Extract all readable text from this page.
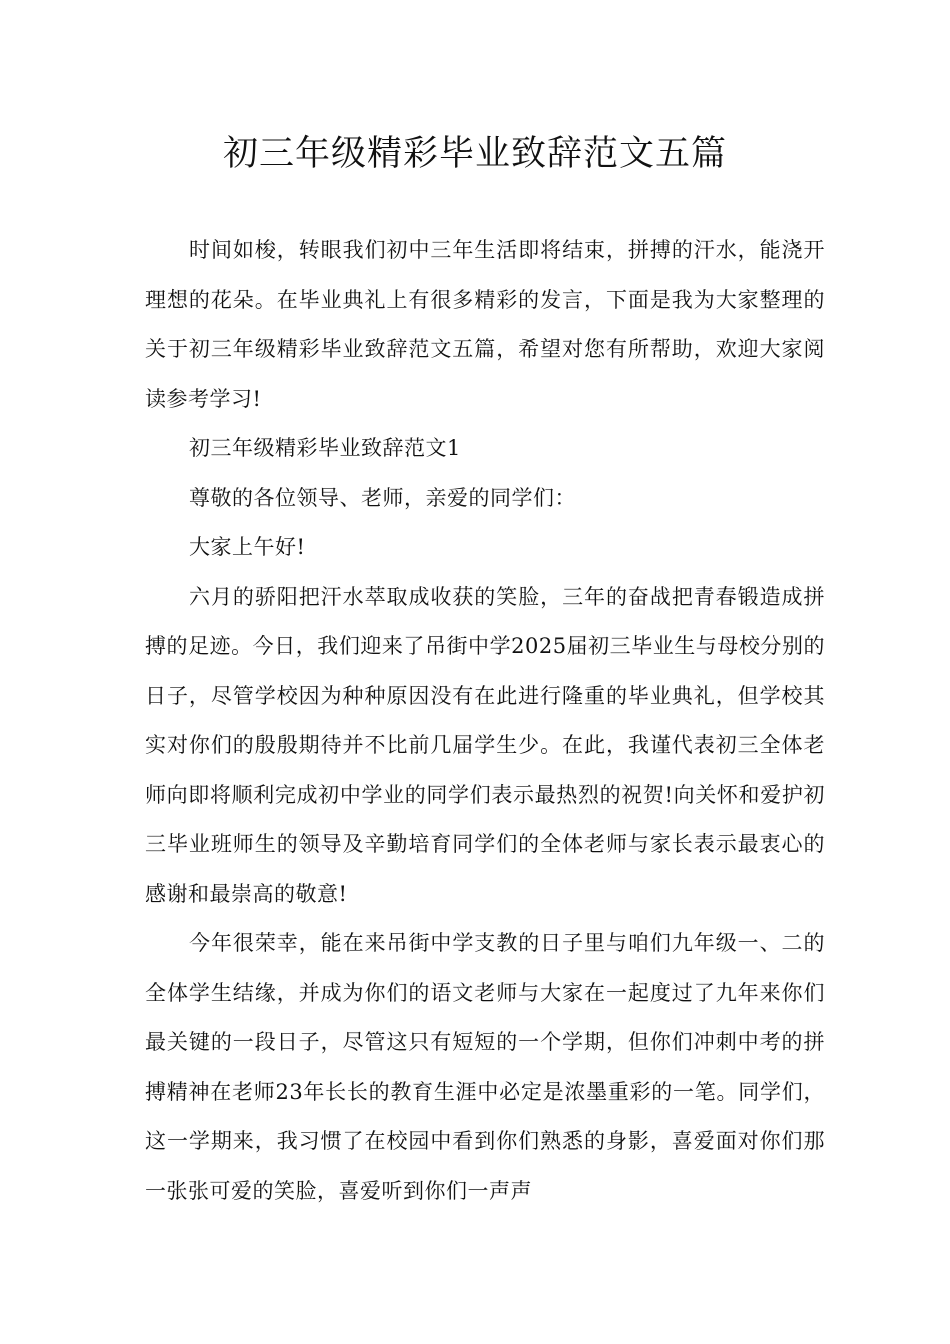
初三年级精彩毕业致辞范文五篇

时间如梭，转眼我们初中三年生活即将结束，拼搏的汗水，能浇开理想的花朵。在毕业典礼上有很多精彩的发言，下面是我为大家整理的关于初三年级精彩毕业致辞范文五篇，希望对您有所帮助，欢迎大家阅读参考学习!

初三年级精彩毕业致辞范文1

尊敬的各位领导、老师，亲爱的同学们：

大家上午好!

六月的骄阳把汗水萃取成收获的笑脸，三年的奋战把青春锻造成拼搏的足迹。今日，我们迎来了吊街中学2025届初三毕业生与母校分别的日子，尽管学校因为种种原因没有在此进行隆重的毕业典礼，但学校其实对你们的殷殷期待并不比前几届学生少。在此，我谨代表初三全体老师向即将顺利完成初中学业的同学们表示最热烈的祝贺!向关怀和爱护初三毕业班师生的领导及辛勤培育同学们的全体老师与家长表示最衷心的感谢和最崇高的敬意!

今年很荣幸，能在来吊街中学支教的日子里与咱们九年级一、二的全体学生结缘，并成为你们的语文老师与大家在一起度过了九年来你们最关键的一段日子，尽管这只有短短的一个学期，但你们冲刺中考的拼搏精神在老师23年长长的教育生涯中必定是浓墨重彩的一笔。同学们，这一学期来，我习惯了在校园中看到你们熟悉的身影，喜爱面对你们那一张张可爱的笑脸，喜爱听到你们一声声
